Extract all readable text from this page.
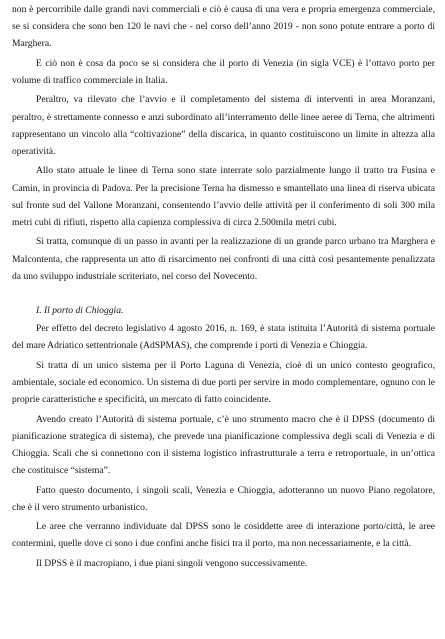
non è percorribile dalle grandi navi commerciali e ciò è causa di una vera e propria emergenza commerciale, se si considera che sono ben 120 le navi che - nel corso dell’anno 2019 - non sono potute entrare a porto di Marghera.

E ciò non è cosa da poco se si considera che il porto di Venezia (in sigla VCE) è l’ottavo porto per volume di traffico commerciale in Italia.

Peraltro, va rilevato che l’avvio e il completamento del sistema di interventi in area Moranzani, peraltro, è strettamente connesso e anzi subordinato all’interramento delle linee aeree di Terna, che altrimenti rappresentano un vincolo alla “coltivazione” della discarica, in quanto costituiscono un limite in altezza alla operatività.

Allo stato attuale le linee di Terna sono state interrate solo parzialmente lungo il tratto tra Fusina e Camin, in provincia di Padova. Per la precisione Terna ha dismesso e smantellato una linea di riserva ubicata sul fronte sud del Vallone Moranzani, consentendo l’avvio delle attività per il conferimento di soli 300 mila metri cubi di rifiuti, rispetto alla capienza complessiva di circa 2.500mila metri cubi.

Si tratta, comunque di un passo in avanti per la realizzazione di un grande parco urbano tra Marghera e Malcontenta, che rappresenta un atto di risarcimento nei confronti di una città così pesantemente penalizzata da uno sviluppo industriale scriteriato, nel corso del Novecento.

I. Il porto di Chioggia.

Per effetto del decreto legislativo 4 agosto 2016, n. 169, è stata istituita l’Autorità di sistema portuale del mare Adriatico settentrionale (AdSPMAS), che comprende i porti di Venezia e Chioggia.

Si tratta di un unico sistema per il Porto Laguna di Venezia, cioè di un unico contesto geografico, ambientale, sociale ed economico. Un sistema di due porti per servire in modo complementare, ognuno con le proprie caratteristiche e specificità, un mercato di fatto coincidente.

Avendo creato l’Autorità di sistema portuale, c’è uno strumento macro che è il DPSS (documento di pianificazione strategica di sistema), che prevede una pianificazione complessiva degli scali di Venezia e di Chioggia. Scali che si connettono con il sistema logistico infrastrutturale a terra e retroportuale, in un’ottica che costituisce “sistema”.

Fatto questo documento, i singoli scali, Venezia e Chioggia, adotteranno un nuovo Piano regolatore, che è il vero strumento urbanistico.

Le aree che verranno individuate dal DPSS sono le cosiddette aree di interazione porto/città, le aree contermini, quelle dove ci sono i due confini anche fisici tra il porto, ma non necessariamente, e la città.

Il DPSS è il macropiano, i due piani singoli vengono successivamente.
